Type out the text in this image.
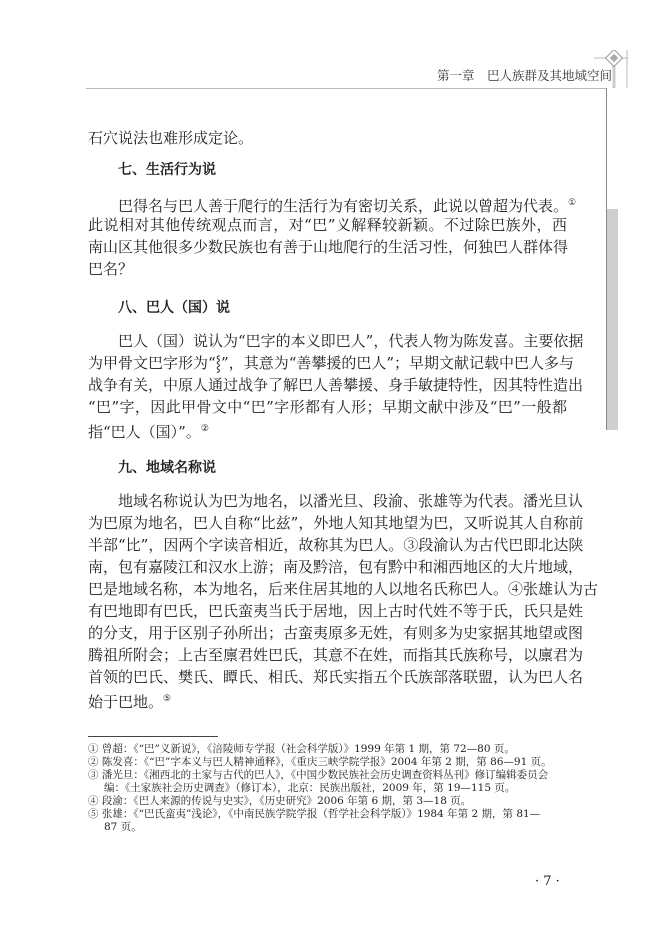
第一章　巴人族群及其地域空间
石穴说法也难形成定论。
七、生活行为说
巴得名与巴人善于爬行的生活行为有密切关系，此说以曾超为代表。①
此说相对其他传统观点而言，对“巴”义解释较新颖。不过除巴族外，西
南山区其他很多少数民族也有善于山地爬行的生活习性，何独巴人群体得
巴名？
八、巴人（国）说
巴人（国）说认为“巴字的本义即巴人”，代表人物为陈发喜。主要依据
为甲骨文巴字形为“⸾”，其意为“善攀援的巴人”；早期文献记载中巴人多与
战争有关，中原人通过战争了解巴人善攀援、身手敏捷特性，因其特性造出
“巴”字，因此甲骨文中“巴”字形都有人形；早期文献中涉及“巴”一般都
指“巴人（国）”。②
九、地域名称说
地域名称说认为巴为地名，以潘光旦、段渝、张雄等为代表。潘光旦认
为巴原为地名，巴人自称“比兹”，外地人知其地望为巴，又听说其人自称前
半部“比”，因两个字读音相近，故称其为巴人。③段渝认为古代巴即北达陕
南，包有嘉陵江和汉水上游；南及黔涪，包有黔中和湘西地区的大片地域，
巴是地域名称，本为地名，后来住居其地的人以地名氏称巴人。④张雄认为古
有巴地即有巴氏，巴氏蛮夷当氏于居地，因上古时代姓不等于氏，氏只是姓
的分支，用于区别子孙所出；古蛮夷原多无姓，有则多为史家据其地望或图
腾祖所附会；上古至廪君姓巴氏，其意不在姓，而指其氏族称号，以廪君为
首领的巴氏、樊氏、瞫氏、相氏、郑氏实指五个氏族部落联盟，认为巴人名
始于巴地。⑤
① 曾超：《“巴”义新说》，《涪陵师专学报（社会科学版）》1999 年第 1 期，第 72—80 页。
② 陈发喜：《“巴”字本义与巴人精神通释》，《重庆三峡学院学报》2004 年第 2 期，第 86—91 页。
③ 潘光旦：《湘西北的土家与古代的巴人》，《中国少数民族社会历史调查资料丛刊》修订编辑委员会
编：《土家族社会历史调查》（修订本），北京：民族出版社，2009 年，第 19—115 页。
④ 段渝：《巴人来源的传说与史实》，《历史研究》2006 年第 6 期，第 3—18 页。
⑤ 张雄：《“巴氏蛮夷”浅论》，《中南民族学院学报（哲学社会科学版）》1984 年第 2 期，第 81—
87 页。
· 7 ·
